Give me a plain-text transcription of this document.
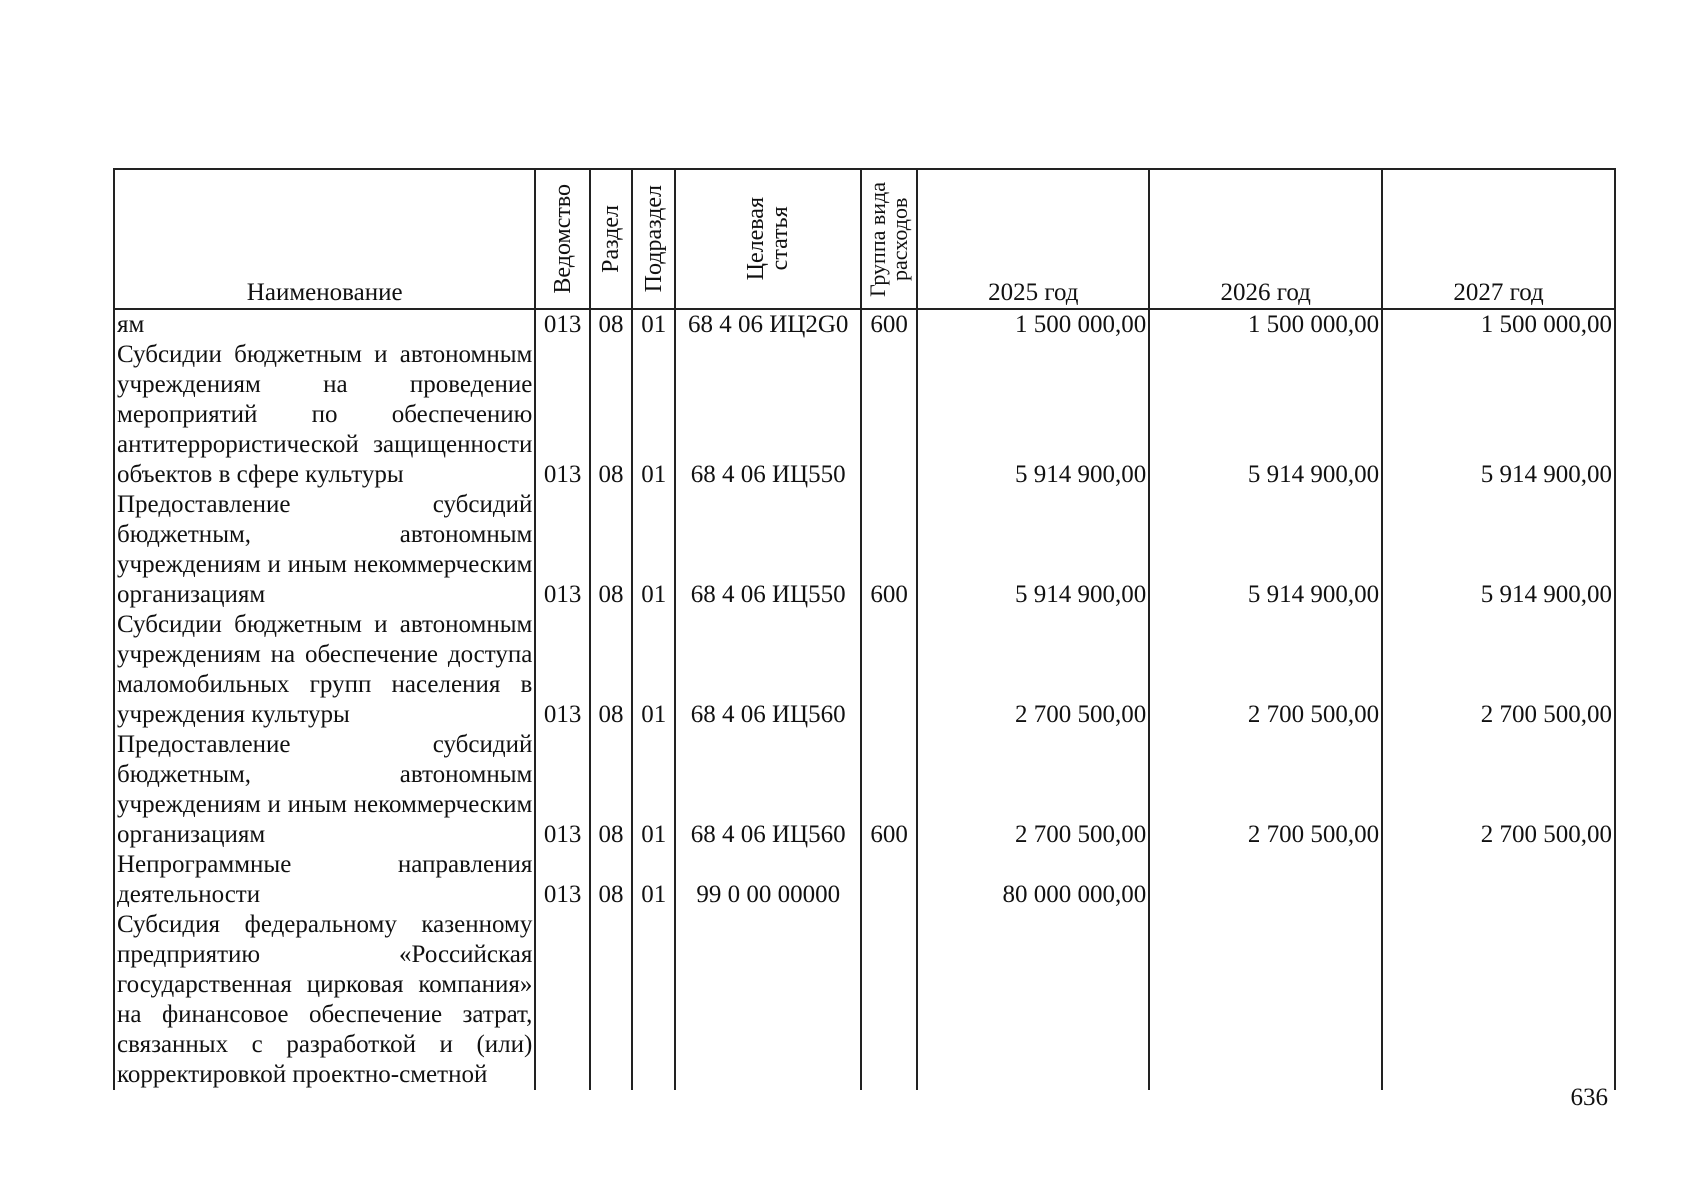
Наименование	Ведомство	Раздел	Подраздел	Целевая
статья	Группа вида
расходов	2025 год	2026 год	2027 год
ям	013	08	01	68 4 06 ИЦ2G0	600	1 500 000,00	1 500 000,00	1 500 000,00
Субсидии бюджетным и автономным учреждениям на проведение мероприятий по обеспечению антитеррористической защищенности объектов в сфере культуры	013	08	01	68 4 06 ИЦ550		5 914 900,00	5 914 900,00	5 914 900,00
Предоставление субсидий бюджетным, автономным учреждениям и иным некоммерческим организациям	013	08	01	68 4 06 ИЦ550	600	5 914 900,00	5 914 900,00	5 914 900,00
Субсидии бюджетным и автономным учреждениям на обеспечение доступа маломобильных групп населения в учреждения культуры	013	08	01	68 4 06 ИЦ560		2 700 500,00	2 700 500,00	2 700 500,00
Предоставление субсидий бюджетным, автономным учреждениям и иным некоммерческим организациям	013	08	01	68 4 06 ИЦ560	600	2 700 500,00	2 700 500,00	2 700 500,00
Непрограммные направления деятельности	013	08	01	99 0 00 00000		80 000 000,00		
Субсидия федеральному казенному предприятию «Российская государственная цирковая компания» на финансовое обеспечение затрат, связанных с разработкой и (или) корректировкой проектно-сметной								
636
